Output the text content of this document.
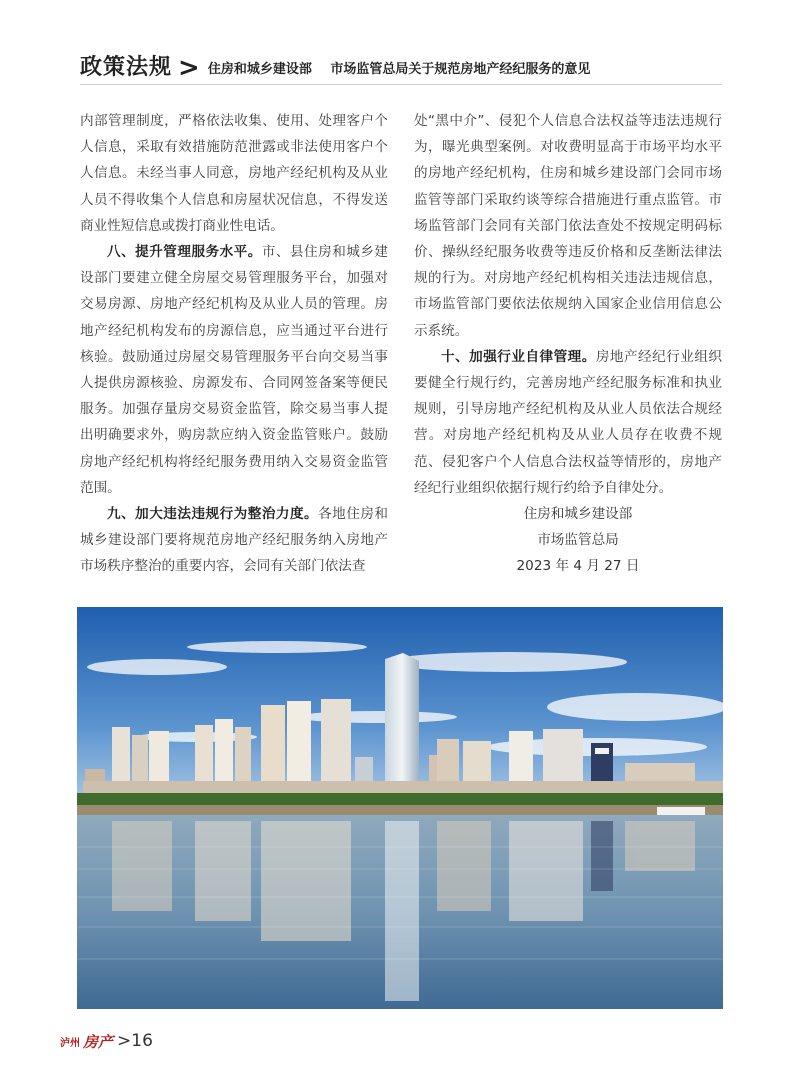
政策法规 > 住房和城乡建设部 市场监管总局关于规范房地产经纪服务的意见

内部管理制度，严格依法收集、使用、处理客户个人信息，采取有效措施防范泄露或非法使用客户个人信息。未经当事人同意，房地产经纪机构及从业人员不得收集个人信息和房屋状况信息，不得发送商业性短信息或拨打商业性电话。

八、提升管理服务水平。市、县住房和城乡建设部门要建立健全房屋交易管理服务平台，加强对交易房源、房地产经纪机构及从业人员的管理。房地产经纪机构发布的房源信息，应当通过平台进行核验。鼓励通过房屋交易管理服务平台向交易当事人提供房源核验、房源发布、合同网签备案等便民服务。加强存量房交易资金监管，除交易当事人提出明确要求外，购房款应纳入资金监管账户。鼓励房地产经纪机构将经纪服务费用纳入交易资金监管范围。

九、加大违法违规行为整治力度。各地住房和城乡建设部门要将规范房地产经纪服务纳入房地产市场秩序整治的重要内容，会同有关部门依法查

处“黑中介”、侵犯个人信息合法权益等违法违规行为，曝光典型案例。对收费明显高于市场平均水平的房地产经纪机构，住房和城乡建设部门会同市场监管等部门采取约谈等综合措施进行重点监管。市场监管部门会同有关部门依法查处不按规定明码标价、操纵经纪服务收费等违反价格和反垄断法律法规的行为。对房地产经纪机构相关违法违规信息，市场监管部门要依法依规纳入国家企业信用信息公示系统。

十、加强行业自律管理。房地产经纪行业组织要健全行规行约，完善房地产经纪服务标准和执业规则，引导房地产经纪机构及从业人员依法合规经营。对房地产经纪机构及从业人员存在收费不规范、侵犯客户个人信息合法权益等情形的，房地产经纪行业组织依据行规行约给予自律处分。

住房和城乡建设部
市场监管总局
2023 年 4 月 27 日
泸州 房产 >16
